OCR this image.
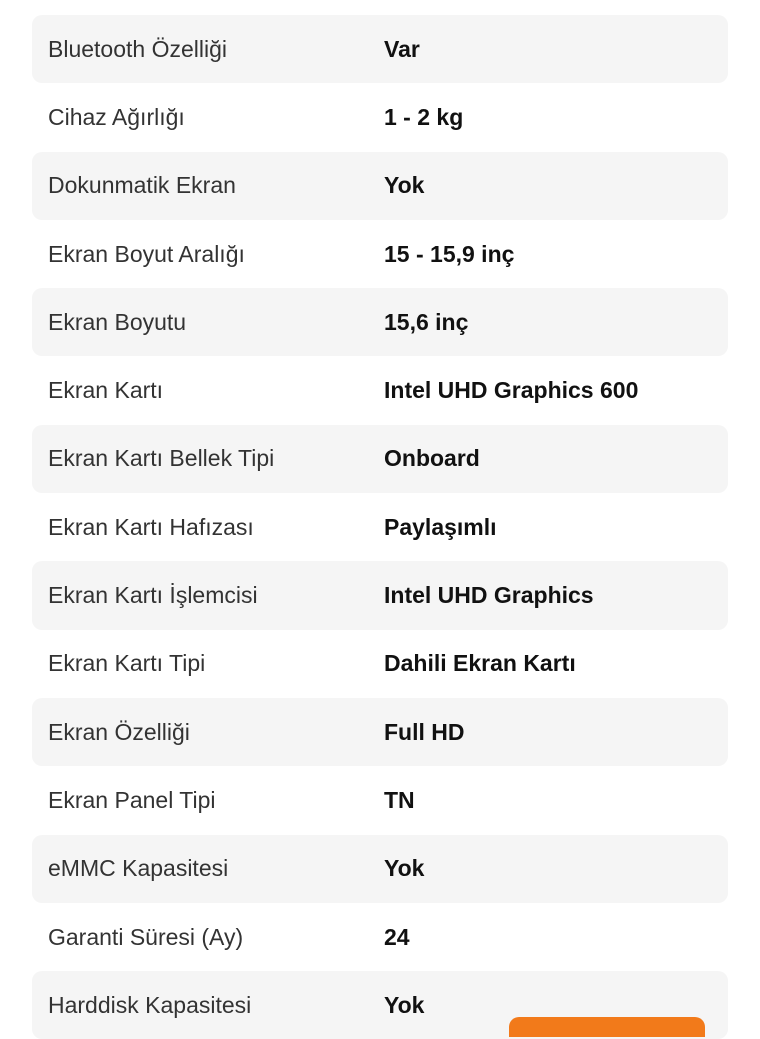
Bluetooth Özelliği	Var
Cihaz Ağırlığı	1 - 2 kg
Dokunmatik Ekran	Yok
Ekran Boyut Aralığı	15 - 15,9 inç
Ekran Boyutu	15,6 inç
Ekran Kartı	Intel UHD Graphics 600
Ekran Kartı Bellek Tipi	Onboard
Ekran Kartı Hafızası	Paylaşımlı
Ekran Kartı İşlemcisi	Intel UHD Graphics
Ekran Kartı Tipi	Dahili Ekran Kartı
Ekran Özelliği	Full HD
Ekran Panel Tipi	TN
eMMC Kapasitesi	Yok
Garanti Süresi (Ay)	24
Harddisk Kapasitesi	Yok
